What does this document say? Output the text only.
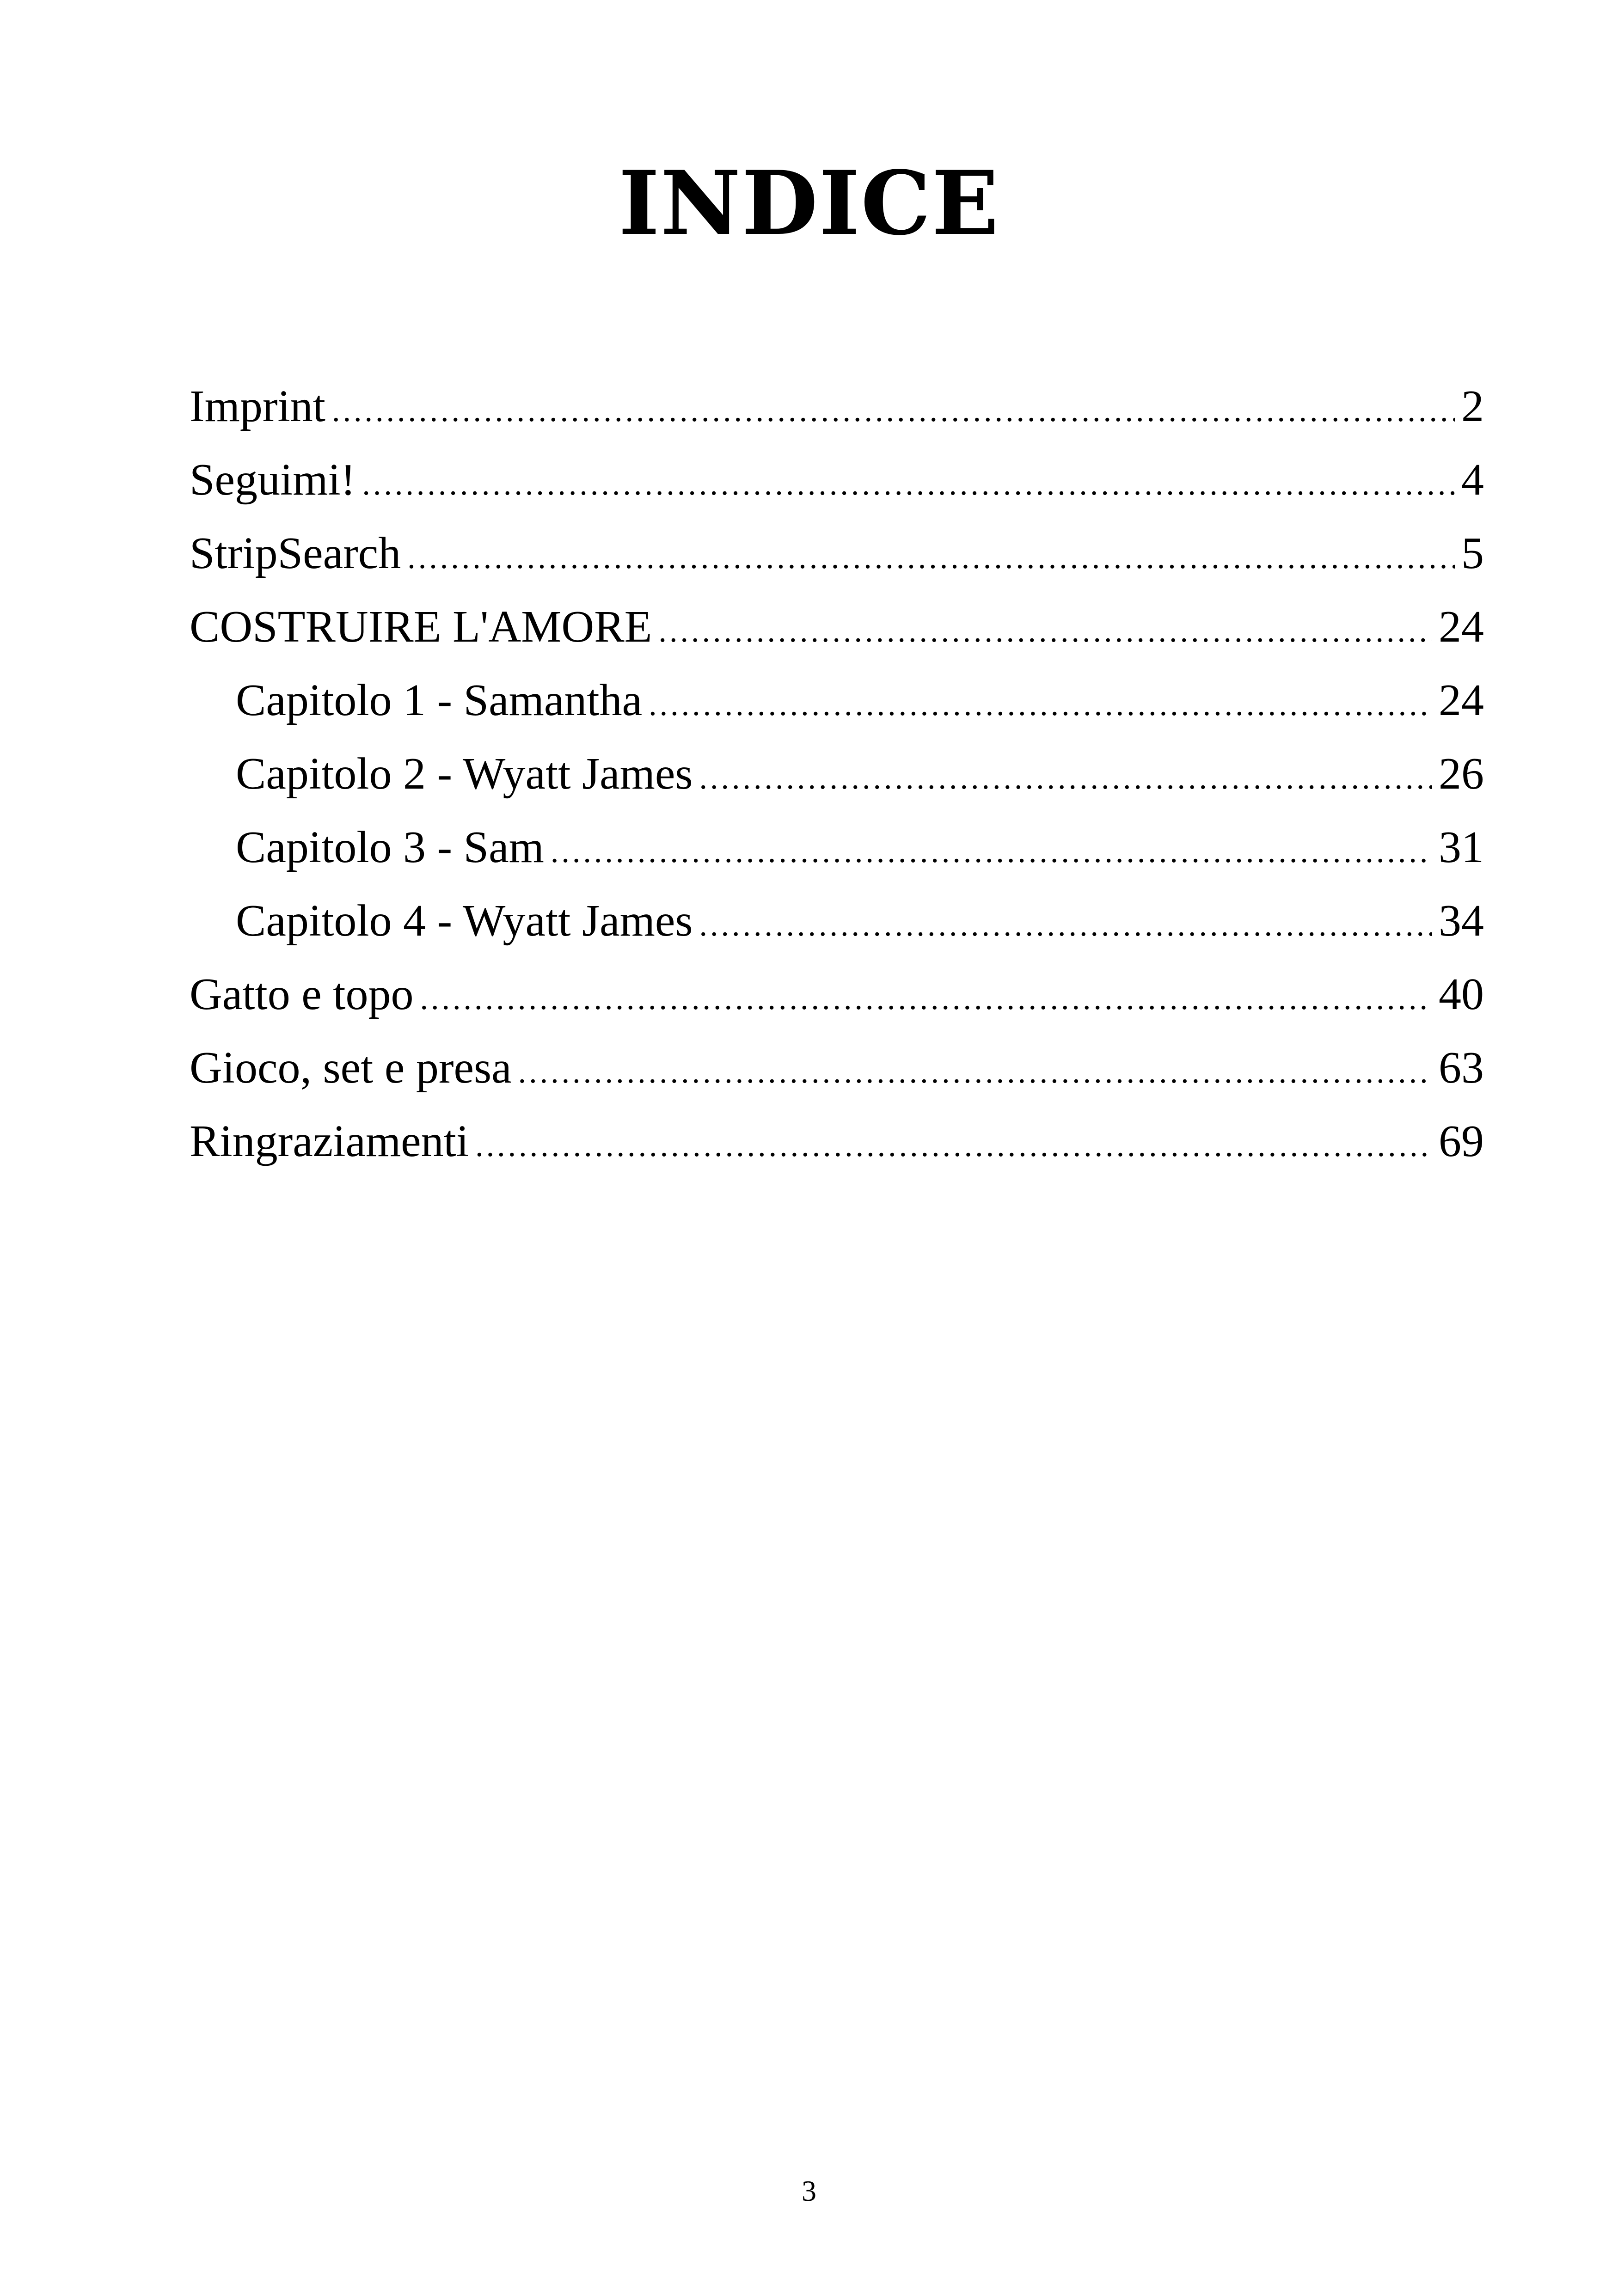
INDICE
Imprint .....	2
Seguimi! .....	4
StripSearch .....	5
COSTRUIRE L'AMORE .....	24
Capitolo 1 - Samantha .....	24
Capitolo 2 - Wyatt James .....	26
Capitolo 3 - Sam .....	31
Capitolo 4 - Wyatt James .....	34
Gatto e topo .....	40
Gioco, set e presa .....	63
Ringraziamenti .....	69
3
